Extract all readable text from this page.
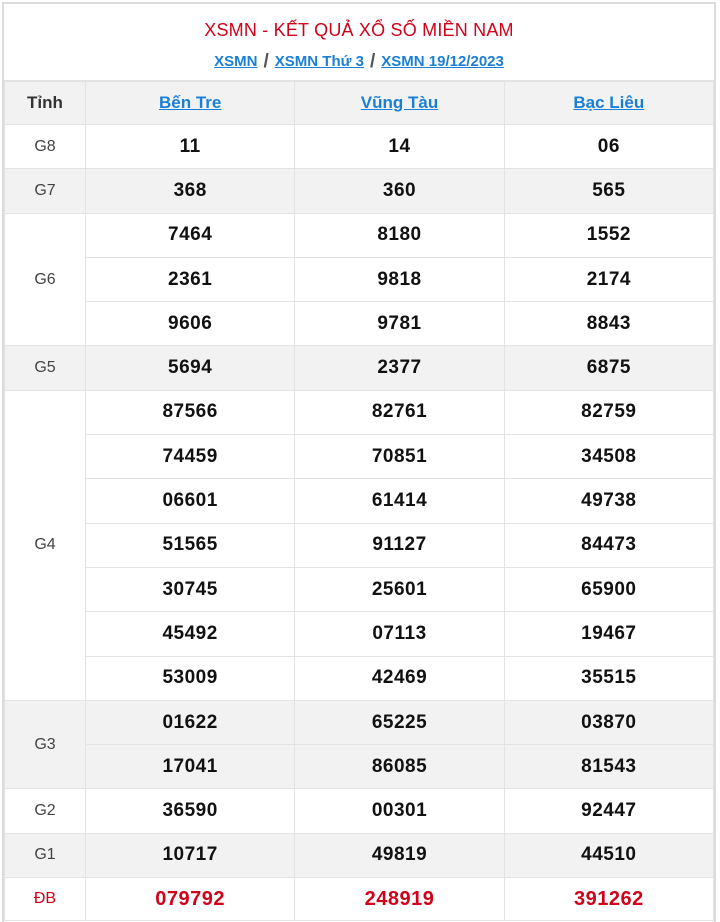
XSMN - KẾT QUẢ XỔ SỐ MIỀN NAM
XSMN / XSMN Thứ 3 / XSMN 19/12/2023
Tỉnh	Bến Tre	Vũng Tàu	Bạc Liêu
G8	11	14	06
G7	368	360	565
G6	7464	8180	1552
	2361	9818	2174
	9606	9781	8843
G5	5694	2377	6875
G4	87566	82761	82759
	74459	70851	34508
	06601	61414	49738
	51565	91127	84473
	30745	25601	65900
	45492	07113	19467
	53009	42469	35515
G3	01622	65225	03870
	17041	86085	81543
G2	36590	00301	92447
G1	10717	49819	44510
ĐB	079792	248919	391262
